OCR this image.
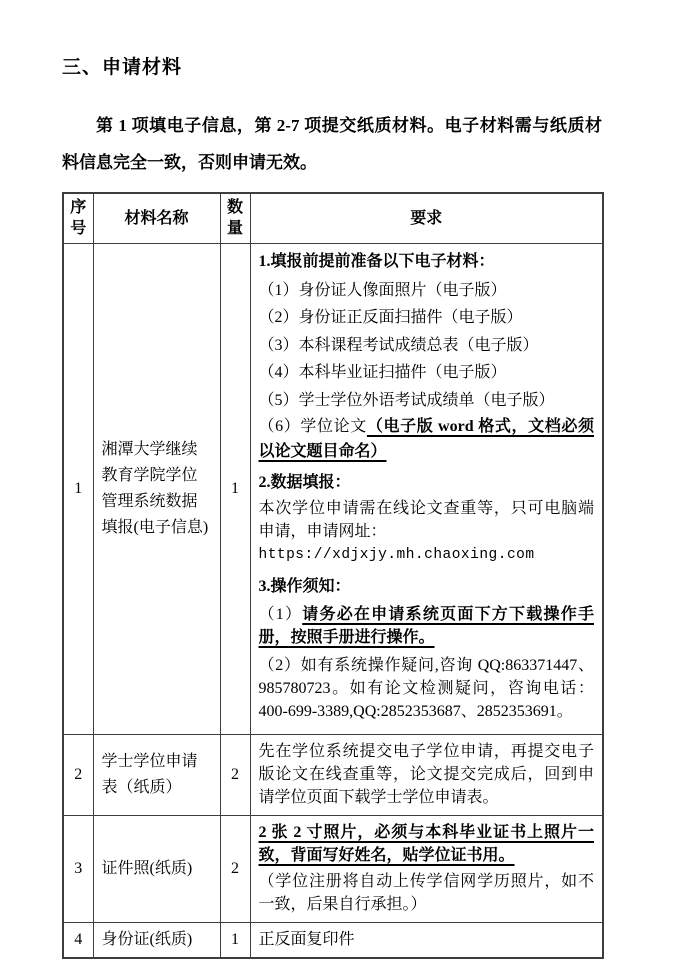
三、申请材料

第 1 项填电子信息，第 2-7 项提交纸质材料。电子材料需与纸质材料信息完全一致，否则申请无效。

序号	材料名称	数量	要求
1	湘潭大学继续教育学院学位管理系统数据填报(电子信息)	1	
1.填报前提前准备以下电子材料：
（1）身份证人像面照片（电子版）
（2）身份证正反面扫描件（电子版）
（3）本科课程考试成绩总表（电子版）
（4）本科毕业证扫描件（电子版）
（5）学士学位外语考试成绩单（电子版）
（6）学位论文（电子版 word 格式，文档必须以论文题目命名）
2.数据填报：
本次学位申请需在线论文查重等，只可电脑端申请，申请网址：
https://xdjxjy.mh.chaoxing.com
3.操作须知：
（1）请务必在申请系统页面下方下载操作手册，按照手册进行操作。
（2）如有系统操作疑问,咨询 QQ:863371447、985780723。如有论文检测疑问，咨询电话：400-699-3389,QQ:2852353687、2852353691。

2	学士学位申请表（纸质）	2	先在学位系统提交电子学位申请，再提交电子版论文在线查重等，论文提交完成后，回到申请学位页面下载学士学位申请表。
3	证件照(纸质)	2	2 张 2 寸照片，必须与本科毕业证书上照片一致，背面写好姓名，贴学位证书用。
（学位注册将自动上传学信网学历照片，如不一致，后果自行承担。）

4	身份证(纸质)	1	正反面复印件
